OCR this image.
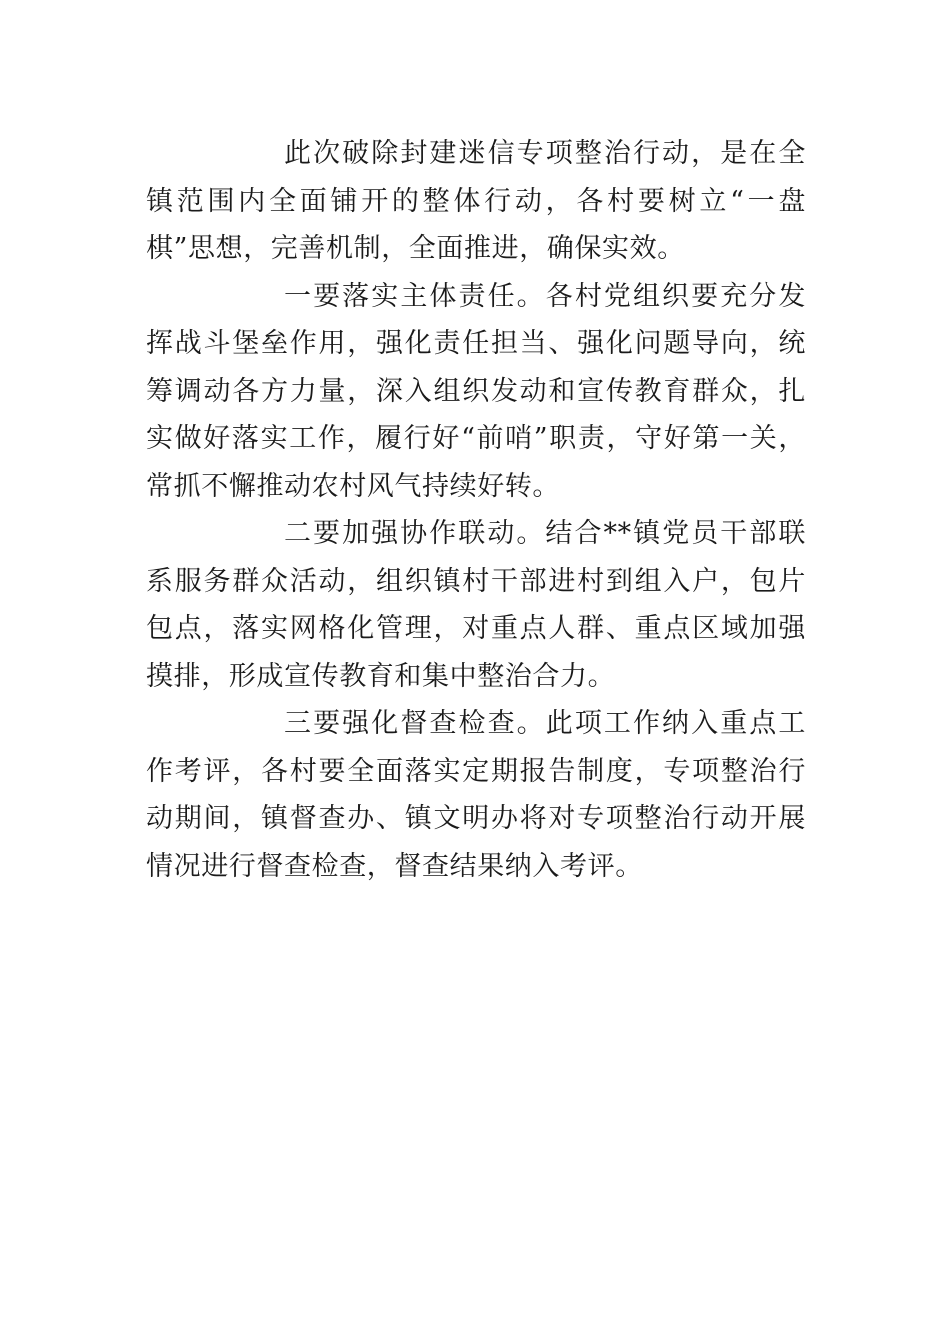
此次破除封建迷信专项整治行动，是在全镇范围内全面铺开的整体行动，各村要树立“一盘棋”思想，完善机制，全面推进，确保实效。

一要落实主体责任。各村党组织要充分发挥战斗堡垒作用，强化责任担当、强化问题导向，统筹调动各方力量，深入组织发动和宣传教育群众，扎实做好落实工作，履行好“前哨”职责，守好第一关，常抓不懈推动农村风气持续好转。

二要加强协作联动。结合**镇党员干部联系服务群众活动，组织镇村干部进村到组入户，包片包点，落实网格化管理，对重点人群、重点区域加强摸排，形成宣传教育和集中整治合力。

三要强化督查检查。此项工作纳入重点工作考评，各村要全面落实定期报告制度，专项整治行动期间，镇督查办、镇文明办将对专项整治行动开展情况进行督查检查，督查结果纳入考评。
